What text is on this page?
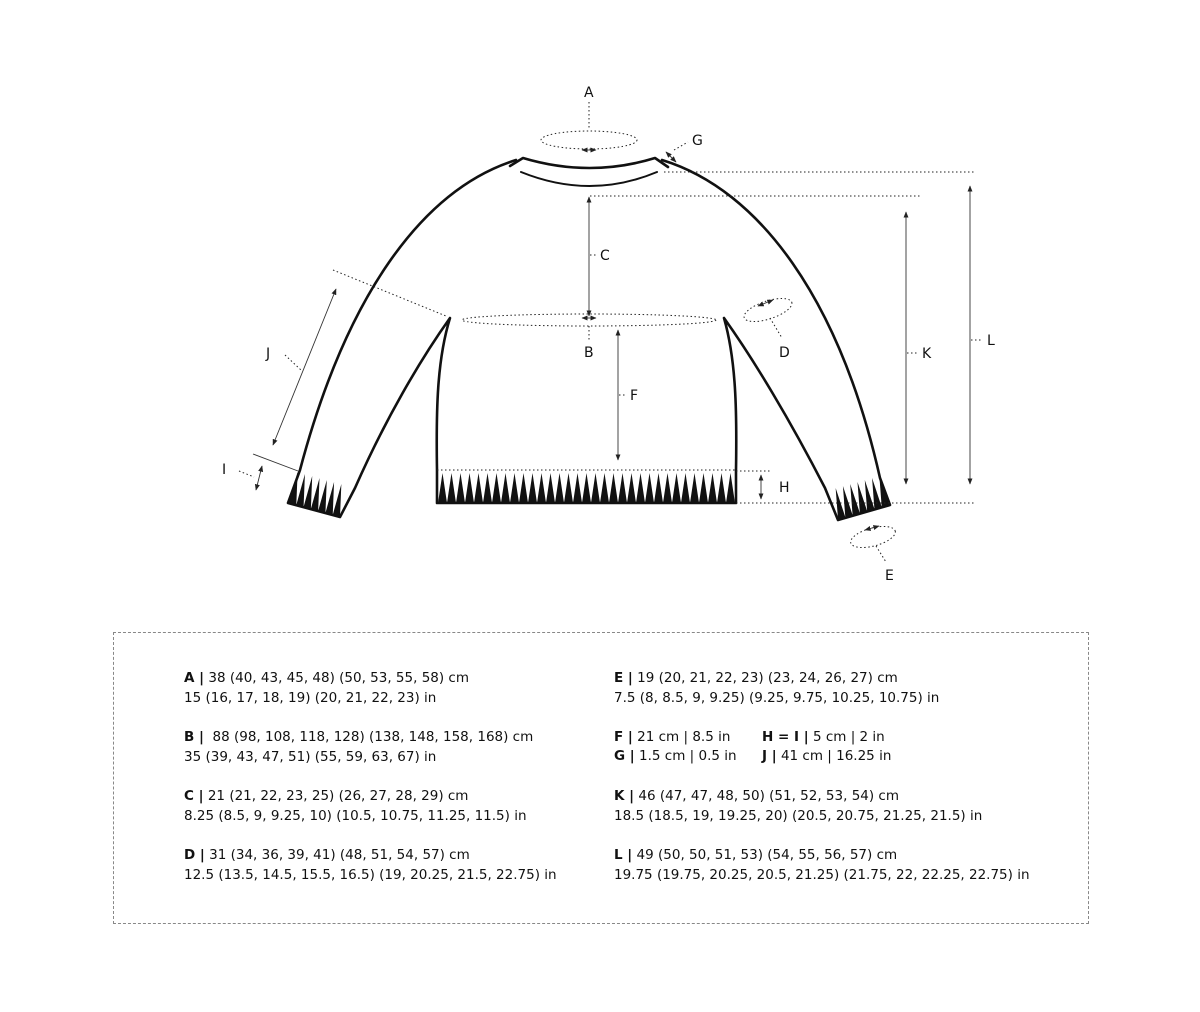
A
G
C
B
F
H
D
E
K
L
J
I
A | 38 (40, 43, 45, 48) (50, 53, 55, 58) cm
15 (16, 17, 18, 19) (20, 21, 22, 23) in
B |  88 (98, 108, 118, 128) (138, 148, 158, 168) cm
35 (39, 43, 47, 51) (55, 59, 63, 67) in
C | 21 (21, 22, 23, 25) (26, 27, 28, 29) cm
8.25 (8.5, 9, 9.25, 10) (10.5, 10.75, 11.25, 11.5) in
D | 31 (34, 36, 39, 41) (48, 51, 54, 57) cm
12.5 (13.5, 14.5, 15.5, 16.5) (19, 20.25, 21.5, 22.75) in
E | 19 (20, 21, 22, 23) (23, 24, 26, 27) cm
7.5 (8, 8.5, 9, 9.25) (9.25, 9.75, 10.25, 10.75) in
F | 21 cm | 8.5 in
G | 1.5 cm | 0.5 in
H = I | 5 cm | 2 in
J | 41 cm | 16.25 in
K | 46 (47, 47, 48, 50) (51, 52, 53, 54) cm
18.5 (18.5, 19, 19.25, 20) (20.5, 20.75, 21.25, 21.5) in
L | 49 (50, 50, 51, 53) (54, 55, 56, 57) cm
19.75 (19.75, 20.25, 20.5, 21.25) (21.75, 22, 22.25, 22.75) in
